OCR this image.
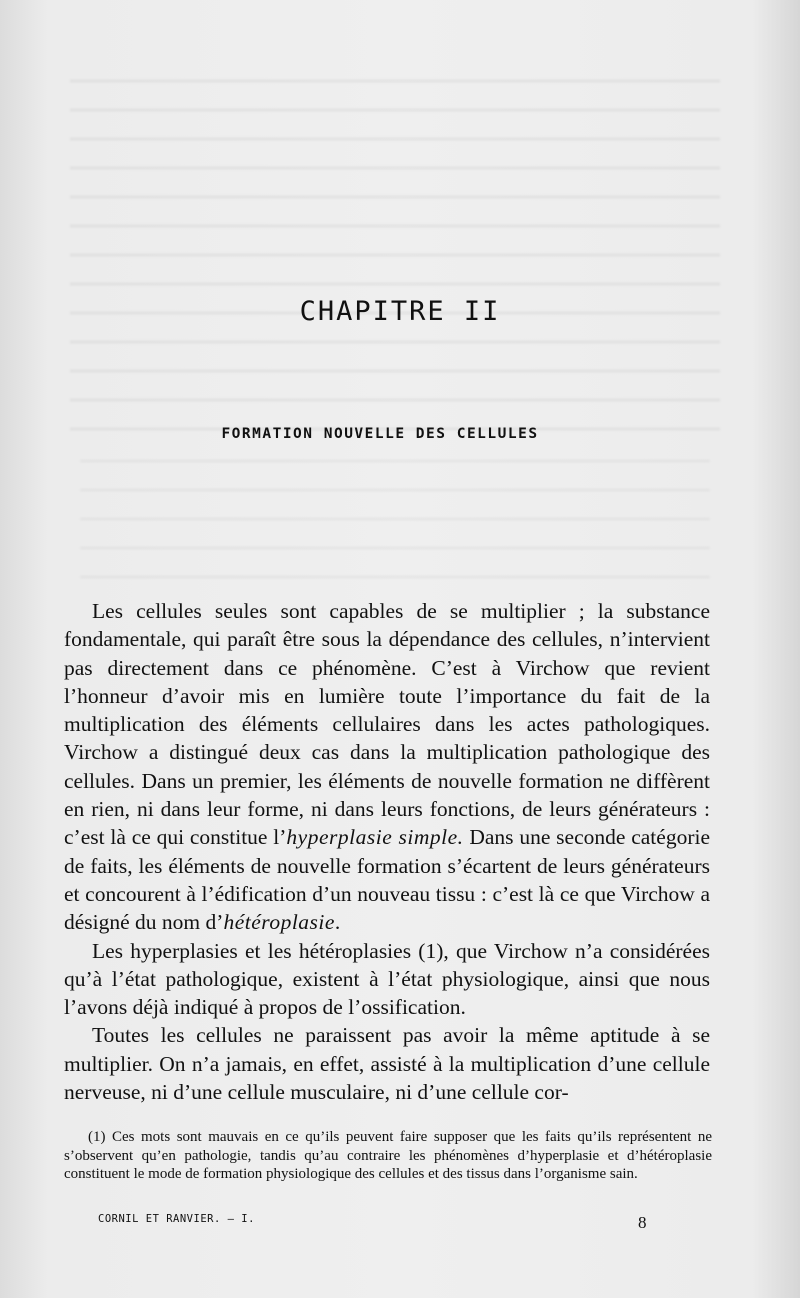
CHAPITRE II
FORMATION NOUVELLE DES CELLULES

Les cellules seules sont capables de se multiplier ; la substance fondamentale, qui paraît être sous la dépendance des cellules, n’intervient pas directement dans ce phénomène. C’est à Virchow que revient l’honneur d’avoir mis en lumière toute l’importance du fait de la multiplication des éléments cellulaires dans les actes pathologiques. Virchow a distingué deux cas dans la multiplication pathologique des cellules. Dans un premier, les éléments de nouvelle formation ne diffèrent en rien, ni dans leur forme, ni dans leurs fonctions, de leurs générateurs : c’est là ce qui constitue l’hyperplasie simple. Dans une seconde catégorie de faits, les éléments de nouvelle formation s’écartent de leurs générateurs et concourent à l’édification d’un nouveau tissu : c’est là ce que Virchow a désigné du nom d’hétéroplasie.

Les hyperplasies et les hétéroplasies (1), que Virchow n’a considérées qu’à l’état pathologique, existent à l’état physiologique, ainsi que nous l’avons déjà indiqué à propos de l’ossification.

Toutes les cellules ne paraissent pas avoir la même aptitude à se multiplier. On n’a jamais, en effet, assisté à la multiplication d’une cellule nerveuse, ni d’une cellule musculaire, ni d’une cellule cor-

(1) Ces mots sont mauvais en ce qu’ils peuvent faire supposer que les faits qu’ils représentent ne s’observent qu’en pathologie, tandis qu’au contraire les phénomènes d’hyperplasie et d’hétéroplasie constituent le mode de formation physiologique des cellules et des tissus dans l’organisme sain.

CORNIL ET RANVIER. — I.	8
